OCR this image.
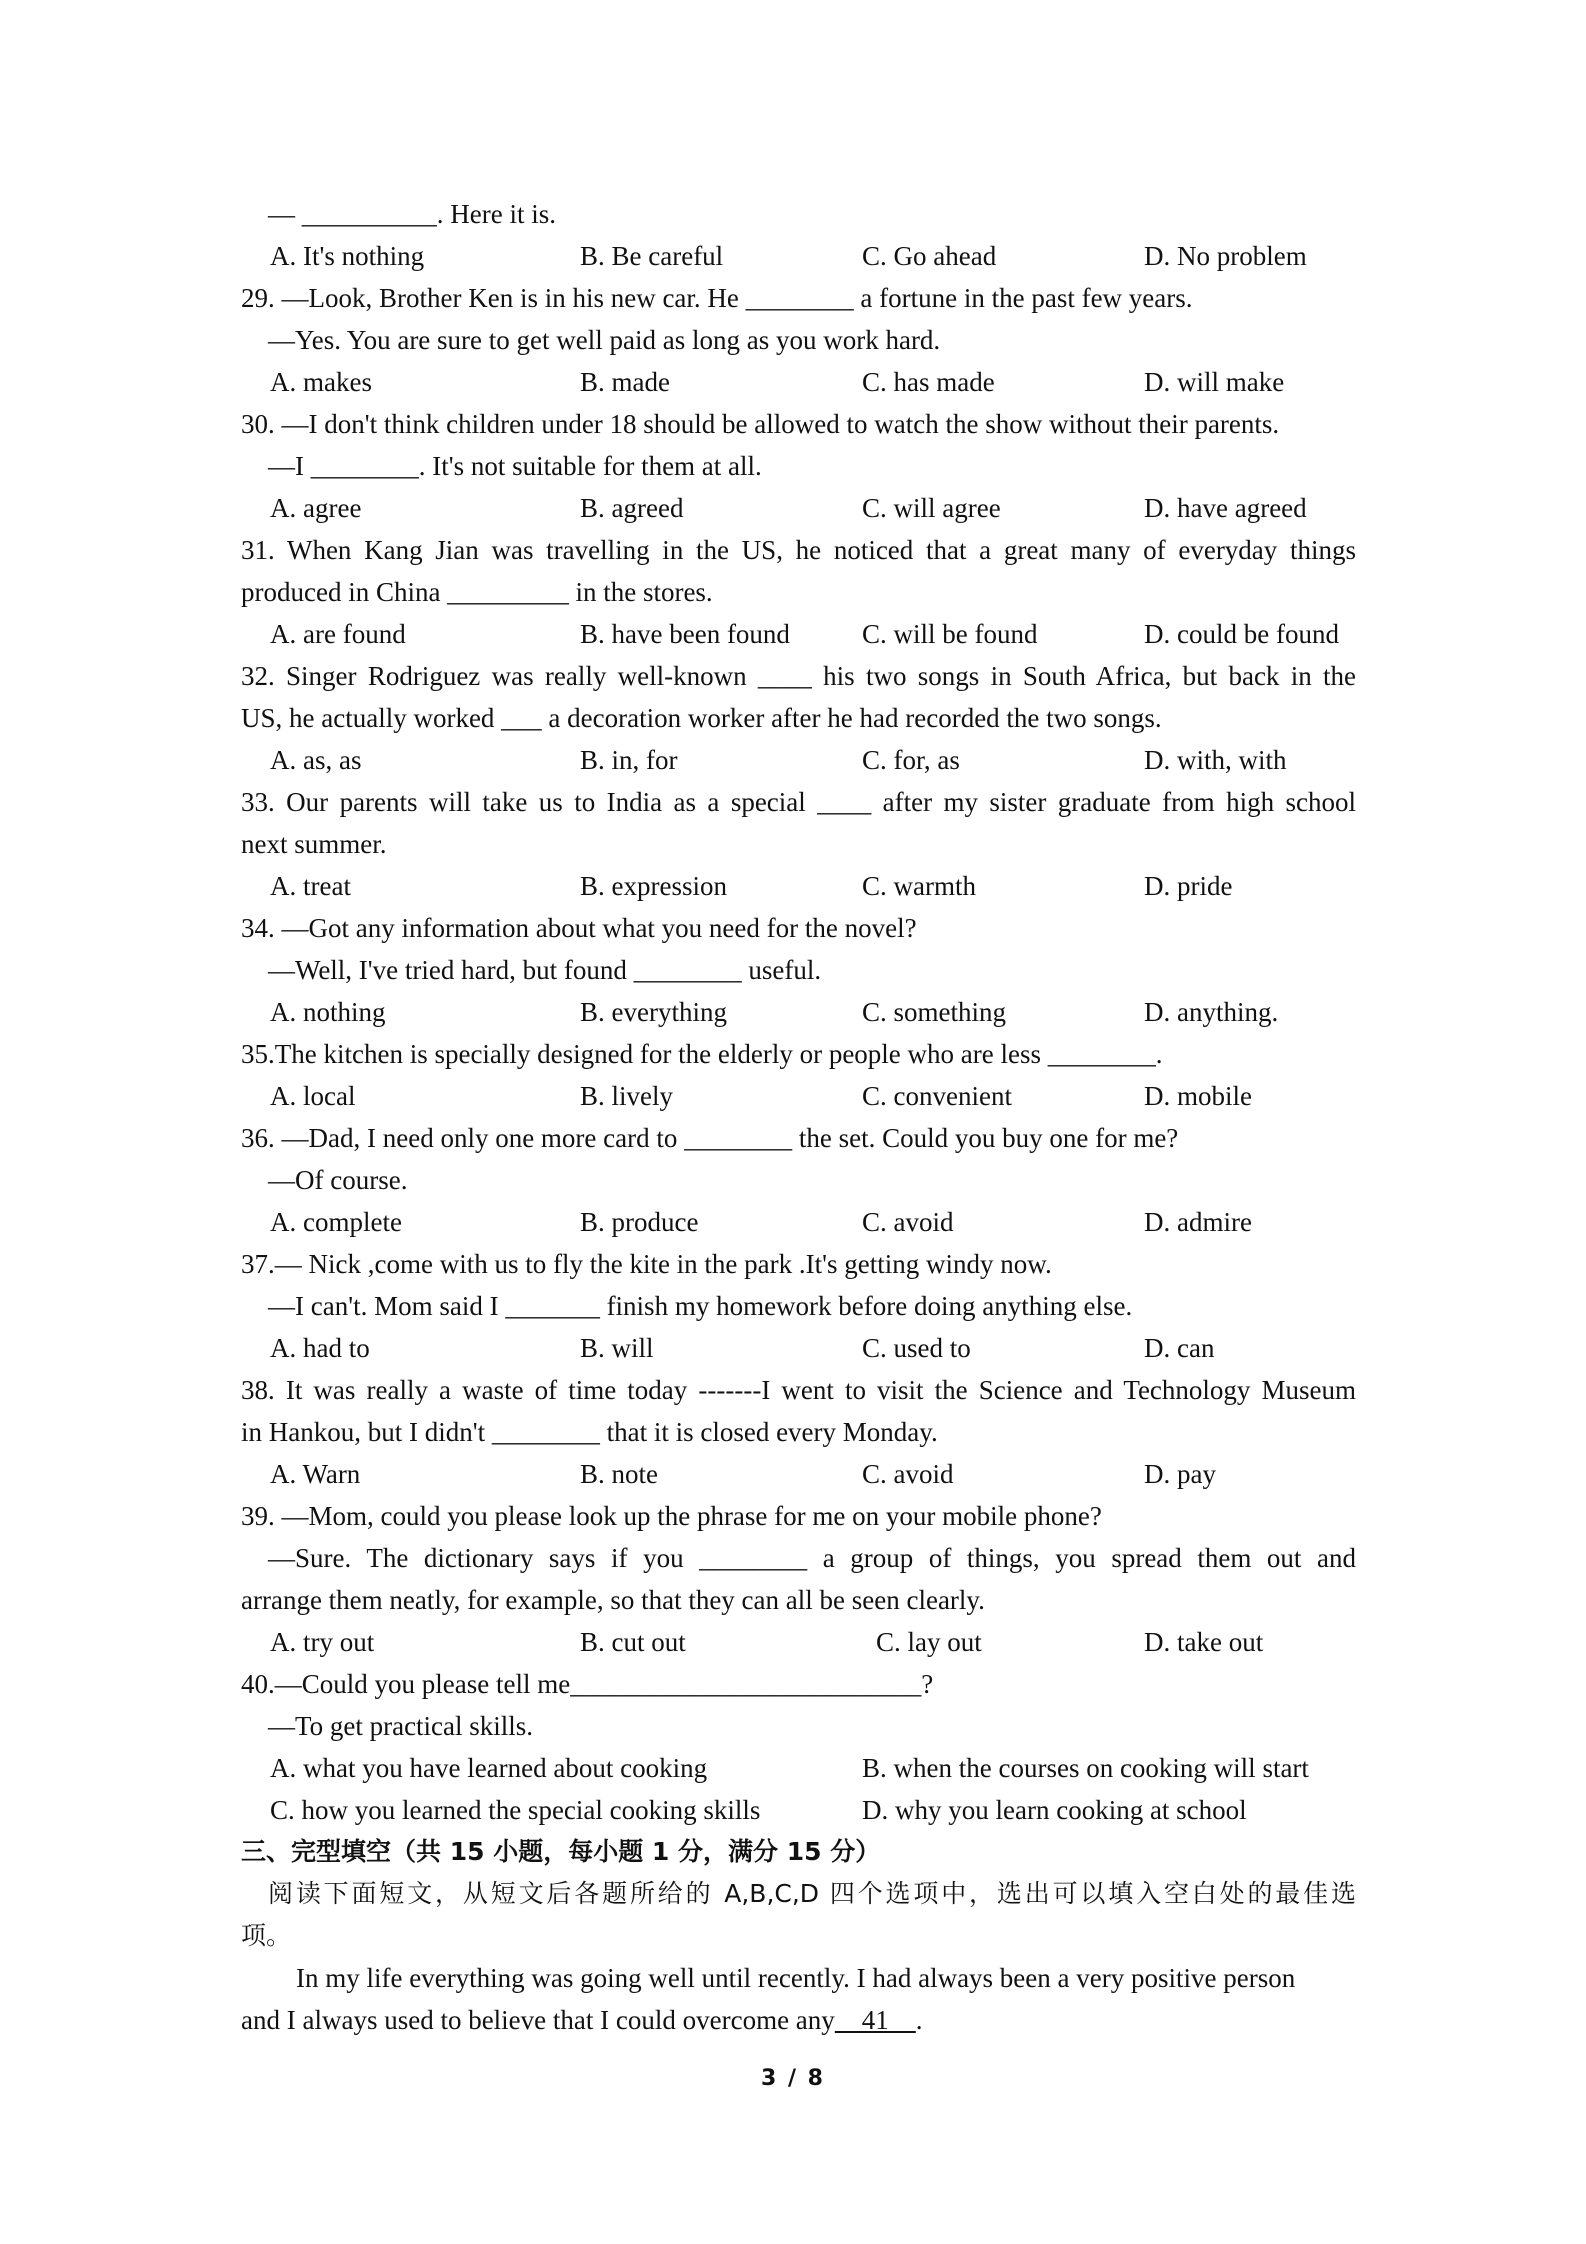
— __________. Here it is.
A. It's nothing	B. Be careful	C. Go ahead	D. No problem
29. —Look, Brother Ken is in his new car. He ________ a fortune in the past few years.
—Yes. You are sure to get well paid as long as you work hard.
A. makes	B. made	C. has made	D. will make
30. —I don't think children under 18 should be allowed to watch the show without their parents.
—I ________. It's not suitable for them at all.
A. agree	B. agreed	C. will agree	D. have agreed
31. When Kang Jian was travelling in the US, he noticed that a great many of everyday things
produced in China _________ in the stores.
A. are found	B. have been found	C. will be found	D. could be found
32. Singer Rodriguez was really well-known ____ his two songs in South Africa, but back in the
US, he actually worked ___ a decoration worker after he had recorded the two songs.
A. as, as	B. in, for	C. for, as	D. with, with
33. Our parents will take us to India as a special ____ after my sister graduate from high school
next summer.
A. treat	B. expression	C. warmth	D. pride
34. —Got any information about what you need for the novel?
—Well, I've tried hard, but found ________ useful.
A. nothing	B. everything	C. something	D. anything.
35.The kitchen is specially designed for the elderly or people who are less ________.
A. local	B. lively	C. convenient	D. mobile
36. —Dad, I need only one more card to ________ the set. Could you buy one for me?
—Of course.
A. complete	B. produce	C. avoid	D. admire
37.— Nick ,come with us to fly the kite in the park .It's getting windy now.
—I can't. Mom said I _______ finish my homework before doing anything else.
A. had to	B. will	C. used to	D. can
38. It was really a waste of time today -------I went to visit the Science and Technology Museum
in Hankou, but I didn't ________ that it is closed every Monday.
A. Warn	B. note	C. avoid	D. pay
39. —Mom, could you please look up the phrase for me on your mobile phone?
—Sure. The dictionary says if you ________ a group of things, you spread them out and
arrange them neatly, for example, so that they can all be seen clearly.
A. try out	B. cut out	C. lay out	D. take out
40.—Could you please tell me__________________________?
—To get practical skills.
A. what you have learned about cooking	B. when the courses on cooking will start
C. how you learned the special cooking skills	D. why you learn cooking at school
三、完型填空（共 15 小题，每小题 1 分，满分 15 分）
阅读下面短文，从短文后各题所给的 A,B,C,D 四个选项中，选出可以填入空白处的最佳选
项。
In my life everything was going well until recently. I had always been a very positive person
and I always used to believe that I could overcome any    41    .
3 / 8
